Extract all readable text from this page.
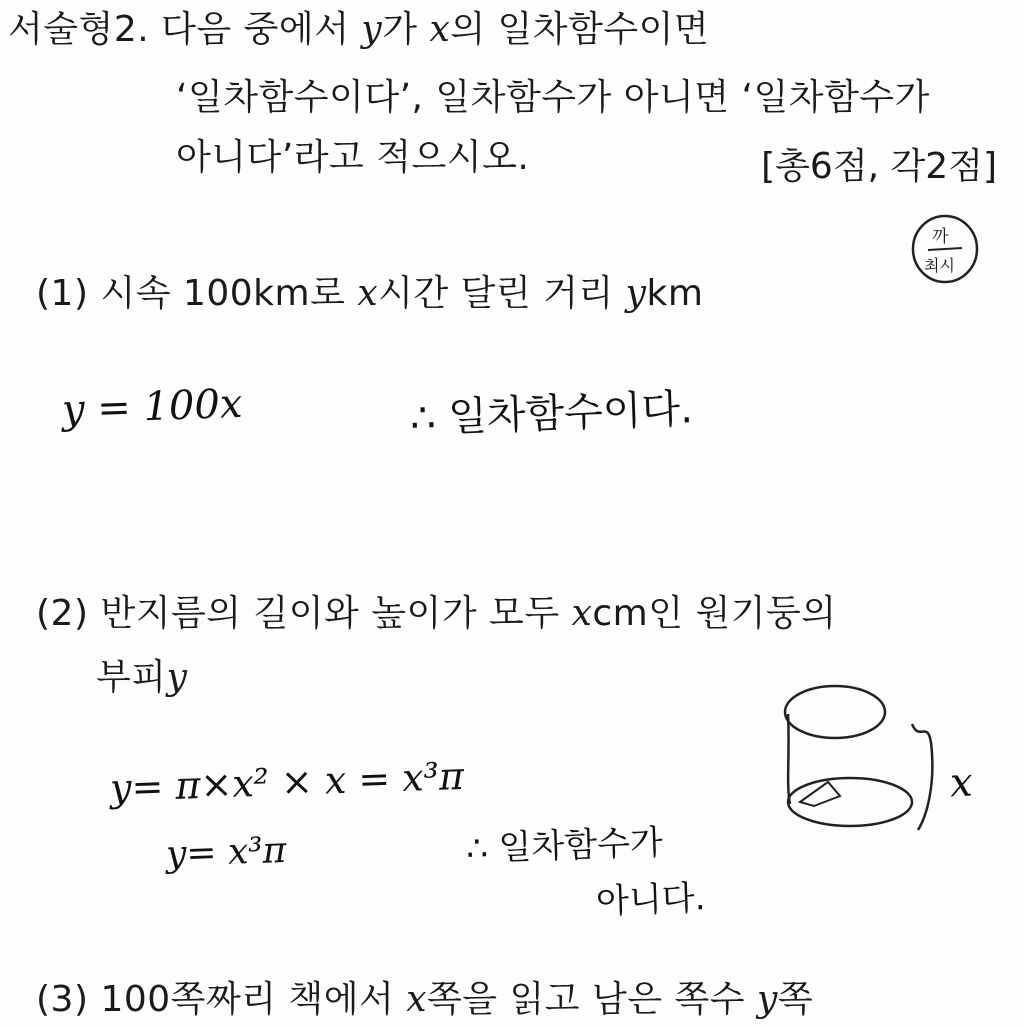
서술형2. 다음 중에서 y가 x의 일차함수이면
‘일차함수이다’, 일차함수가 아니면 ‘일차함수가
아니다’라고 적으시오.	[총6점, 각2점]
까
최시
(1) 시속 100km로 x시간 달린 거리 ykm
y = 100x	∴ 일차함수이다.
(2) 반지름의 길이와 높이가 모두 xcm인 원기둥의
부피y
y= π×x² × x = x³π
y= x³π	∴ 일차함수가
아니다.
x
(3) 100쪽짜리 책에서 x쪽을 읽고 남은 쪽수 y쪽
